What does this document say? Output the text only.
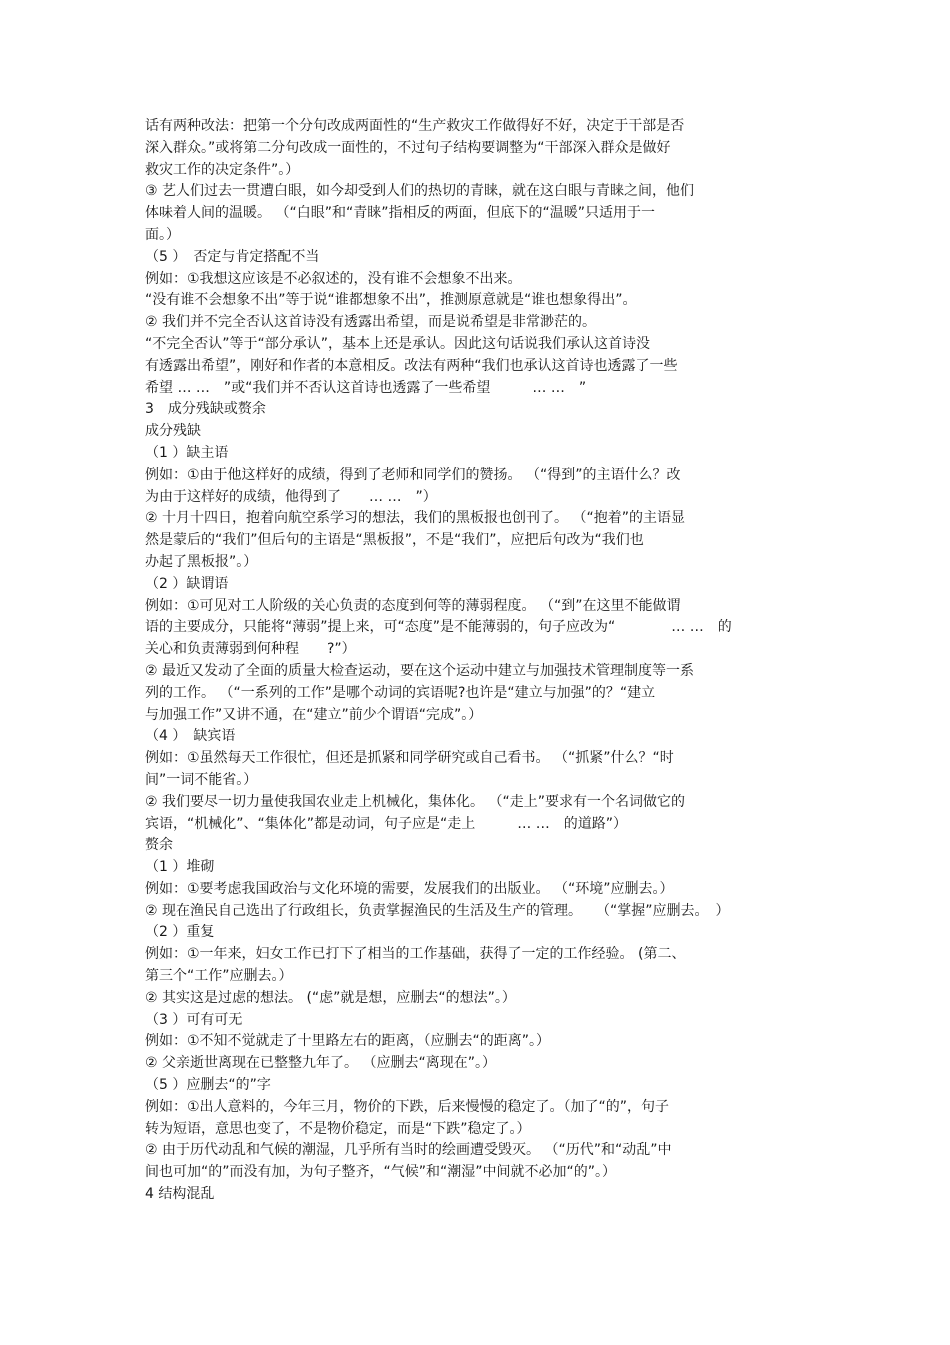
话有两种改法：把第一个分句改成两面性的“生产救灾工作做得好不好，决定于干部是否
深入群众。”或将第二分句改成一面性的，不过句子结构要调整为“干部深入群众是做好
救灾工作的决定条件”。）
③ 艺人们过去一贯遭白眼，如今却受到人们的热切的青睐，就在这白眼与青睐之间，他们
体味着人间的温暖。 （“白眼”和“青睐”指相反的两面，但底下的“温暖”只适用于一
面。）
（5 ）　否定与肯定搭配不当
例如：①我想这应该是不必叙述的，没有谁不会想象不出来。
“没有谁不会想象不出”等于说“谁都想象不出”，推测原意就是“谁也想象得出”。
② 我们并不完全否认这首诗没有透露出希望，而是说希望是非常渺茫的。
“不完全否认”等于“部分承认”，基本上还是承认。因此这句话说我们承认这首诗没
有透露出希望”，刚好和作者的本意相反。改法有两种“我们也承认这首诗也透露了一些
希望 … …　”或“我们并不否认这首诗也透露了一些希望　　　… …　”
3　成分残缺或赘余
成分残缺
（1 ）缺主语
例如：①由于他这样好的成绩，得到了老师和同学们的赞扬。 （“得到”的主语什么？改
为由于这样好的成绩，他得到了　　… …　”）
② 十月十四日，抱着向航空系学习的想法，我们的黑板报也创刊了。 （“抱着”的主语显
然是蒙后的“我们”但后句的主语是“黑板报”，不是“我们”，应把后句改为“我们也
办起了黑板报”。）
（2 ）缺谓语
例如：①可见对工人阶级的关心负责的态度到何等的薄弱程度。 （“到”在这里不能做谓
语的主要成分，只能将“薄弱”提上来，可“态度”是不能薄弱的，句子应改为“　　　　… …　的
关心和负责薄弱到何种程　　?”）
② 最近又发动了全面的质量大检查运动，要在这个运动中建立与加强技术管理制度等一系
列的工作。 （“一系列的工作”是哪个动词的宾语呢?也许是“建立与加强”的？“建立
与加强工作”又讲不通，在“建立”前少个谓语“完成”。）
（4 ）　缺宾语
例如：①虽然每天工作很忙，但还是抓紧和同学研究或自己看书。 （“抓紧”什么？“时
间”一词不能省。）
② 我们要尽一切力量使我国农业走上机械化，集体化。 （“走上”要求有一个名词做它的
宾语，“机械化”、“集体化”都是动词，句子应是“走上　　　… …　的道路”）
赘余
（1 ）堆砌
例如：①要考虑我国政治与文化环境的需要，发展我们的出版业。 （“环境”应删去。）
② 现在渔民自己选出了行政组长，负责掌握渔民的生活及生产的管理。　　（“掌握”应删去。　）
（2 ）重复
例如：①一年来，妇女工作已打下了相当的工作基础，获得了一定的工作经验。 (第二、
第三个“工作”应删去。）
② 其实这是过虑的想法。 (“虑”就是想，应删去“的想法”。）
（3 ）可有可无
例如：①不知不觉就走了十里路左右的距离，（应删去“的距离”。）
② 父亲逝世离现在已整整九年了。 （应删去“离现在”。）
（5 ）应删去“的”字
例如：①出人意料的，今年三月，物价的下跌，后来慢慢的稳定了。（加了“的”，句子
转为短语，意思也变了，不是物价稳定，而是“下跌”稳定了。）
② 由于历代动乱和气候的潮湿，几乎所有当时的绘画遭受毁灭。 （“历代”和“动乱”中
间也可加“的”而没有加，为句子整齐，“气候”和“潮湿”中间就不必加“的”。）
4 结构混乱
